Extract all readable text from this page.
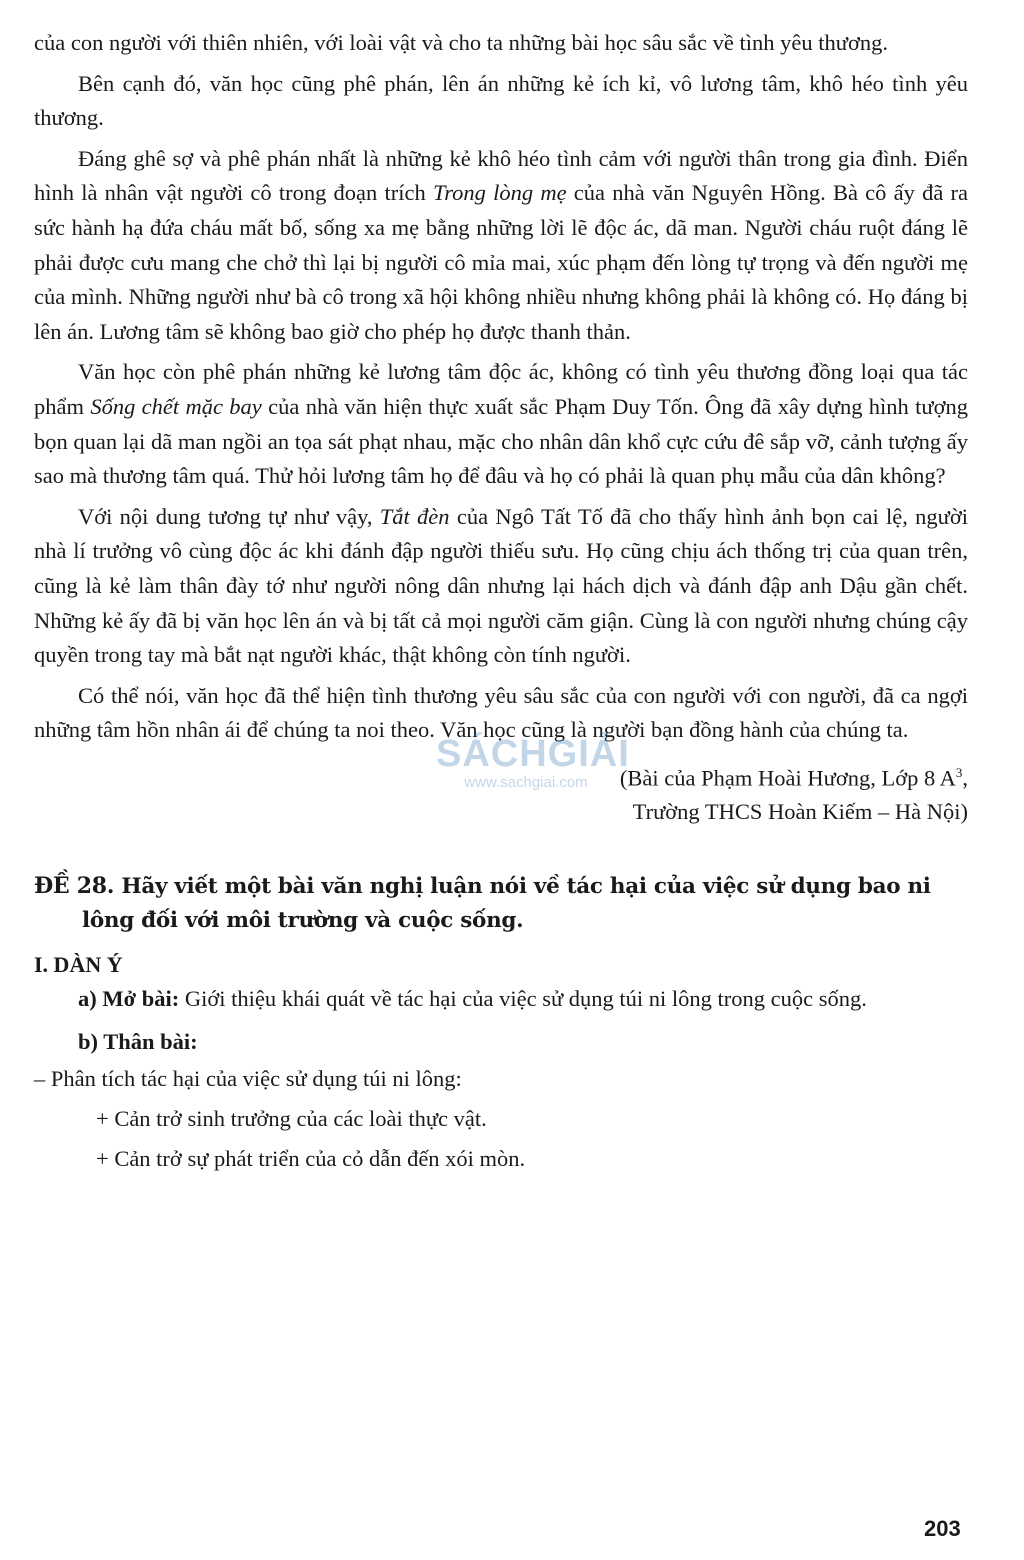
của con người với thiên nhiên, với loài vật và cho ta những bài học sâu sắc về tình yêu thương.

Bên cạnh đó, văn học cũng phê phán, lên án những kẻ ích kỉ, vô lương tâm, khô héo tình yêu thương.

Đáng ghê sợ và phê phán nhất là những kẻ khô héo tình cảm với người thân trong gia đình. Điển hình là nhân vật người cô trong đoạn trích Trong lòng mẹ của nhà văn Nguyên Hồng. Bà cô ấy đã ra sức hành hạ đứa cháu mất bố, sống xa mẹ bằng những lời lẽ độc ác, dã man. Người cháu ruột đáng lẽ phải được cưu mang che chở thì lại bị người cô mỉa mai, xúc phạm đến lòng tự trọng và đến người mẹ của mình. Những người như bà cô trong xã hội không nhiều nhưng không phải là không có. Họ đáng bị lên án. Lương tâm sẽ không bao giờ cho phép họ được thanh thản.

Văn học còn phê phán những kẻ lương tâm độc ác, không có tình yêu thương đồng loại qua tác phẩm Sống chết mặc bay của nhà văn hiện thực xuất sắc Phạm Duy Tốn. Ông đã xây dựng hình tượng bọn quan lại dã man ngồi an tọa sát phạt nhau, mặc cho nhân dân khổ cực cứu đê sắp vỡ, cảnh tượng ấy sao mà thương tâm quá. Thử hỏi lương tâm họ để đâu và họ có phải là quan phụ mẫu của dân không?

Với nội dung tương tự như vậy, Tắt đèn của Ngô Tất Tố đã cho thấy hình ảnh bọn cai lệ, người nhà lí trưởng vô cùng độc ác khi đánh đập người thiếu sưu. Họ cũng chịu ách thống trị của quan trên, cũng là kẻ làm thân đày tớ như người nông dân nhưng lại hách dịch và đánh đập anh Dậu gần chết. Những kẻ ấy đã bị văn học lên án và bị tất cả mọi người căm giận. Cùng là con người nhưng chúng cậy quyền trong tay mà bắt nạt người khác, thật không còn tính người.

Có thể nói, văn học đã thể hiện tình thương yêu sâu sắc của con người với con người, đã ca ngợi những tâm hồn nhân ái để chúng ta noi theo. Văn học cũng là người bạn đồng hành của chúng ta.

(Bài của Phạm Hoài Hương, Lớp 8 $A^3$,
Trường THCS Hoàn Kiếm – Hà Nội)
ĐỀ 28. Hãy viết một bài văn nghị luận nói về tác hại của việc sử dụng bao ni
lông đối với môi trường và cuộc sống.
I. DÀN Ý

a) Mở bài: Giới thiệu khái quát về tác hại của việc sử dụng túi ni lông trong cuộc sống.

b) Thân bài:
– Phân tích tác hại của việc sử dụng túi ni lông:
+ Cản trở sinh trưởng của các loài thực vật.
+ Cản trở sự phát triển của cỏ dẫn đến xói mòn.
SÁCHGIẢI
www.sachgiai.com
203
